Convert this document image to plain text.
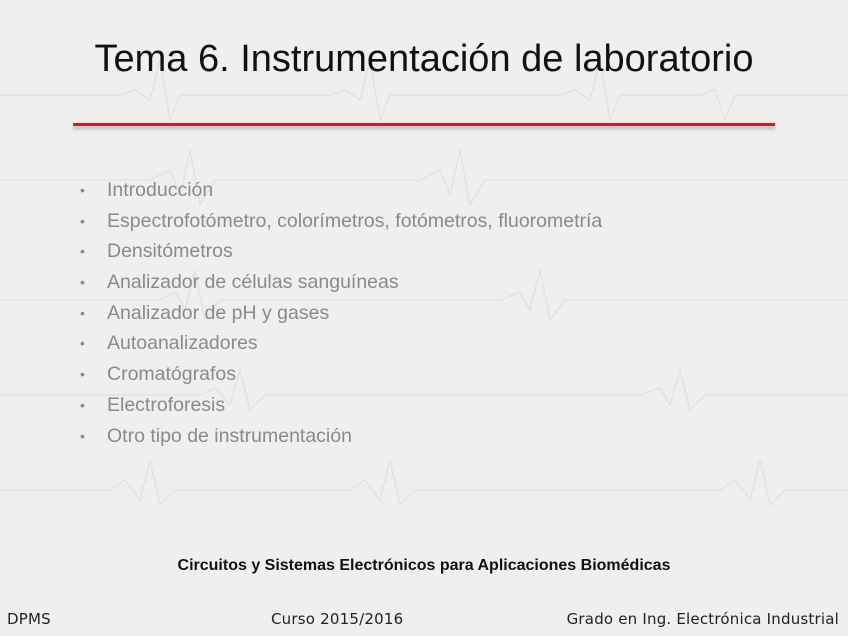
Tema 6. Instrumentación de laboratorio
• Introducción
• Espectrofotómetro, colorímetros, fotómetros, fluorometría
• Densitómetros
• Analizador de células sanguíneas
• Analizador de pH y gases
• Autoanalizadores
• Cromatógrafos
• Electroforesis
• Otro tipo de instrumentación
Circuitos y Sistemas Electrónicos para Aplicaciones Biomédicas
DPMS	Curso 2015/2016	Grado en Ing. Electrónica Industrial
